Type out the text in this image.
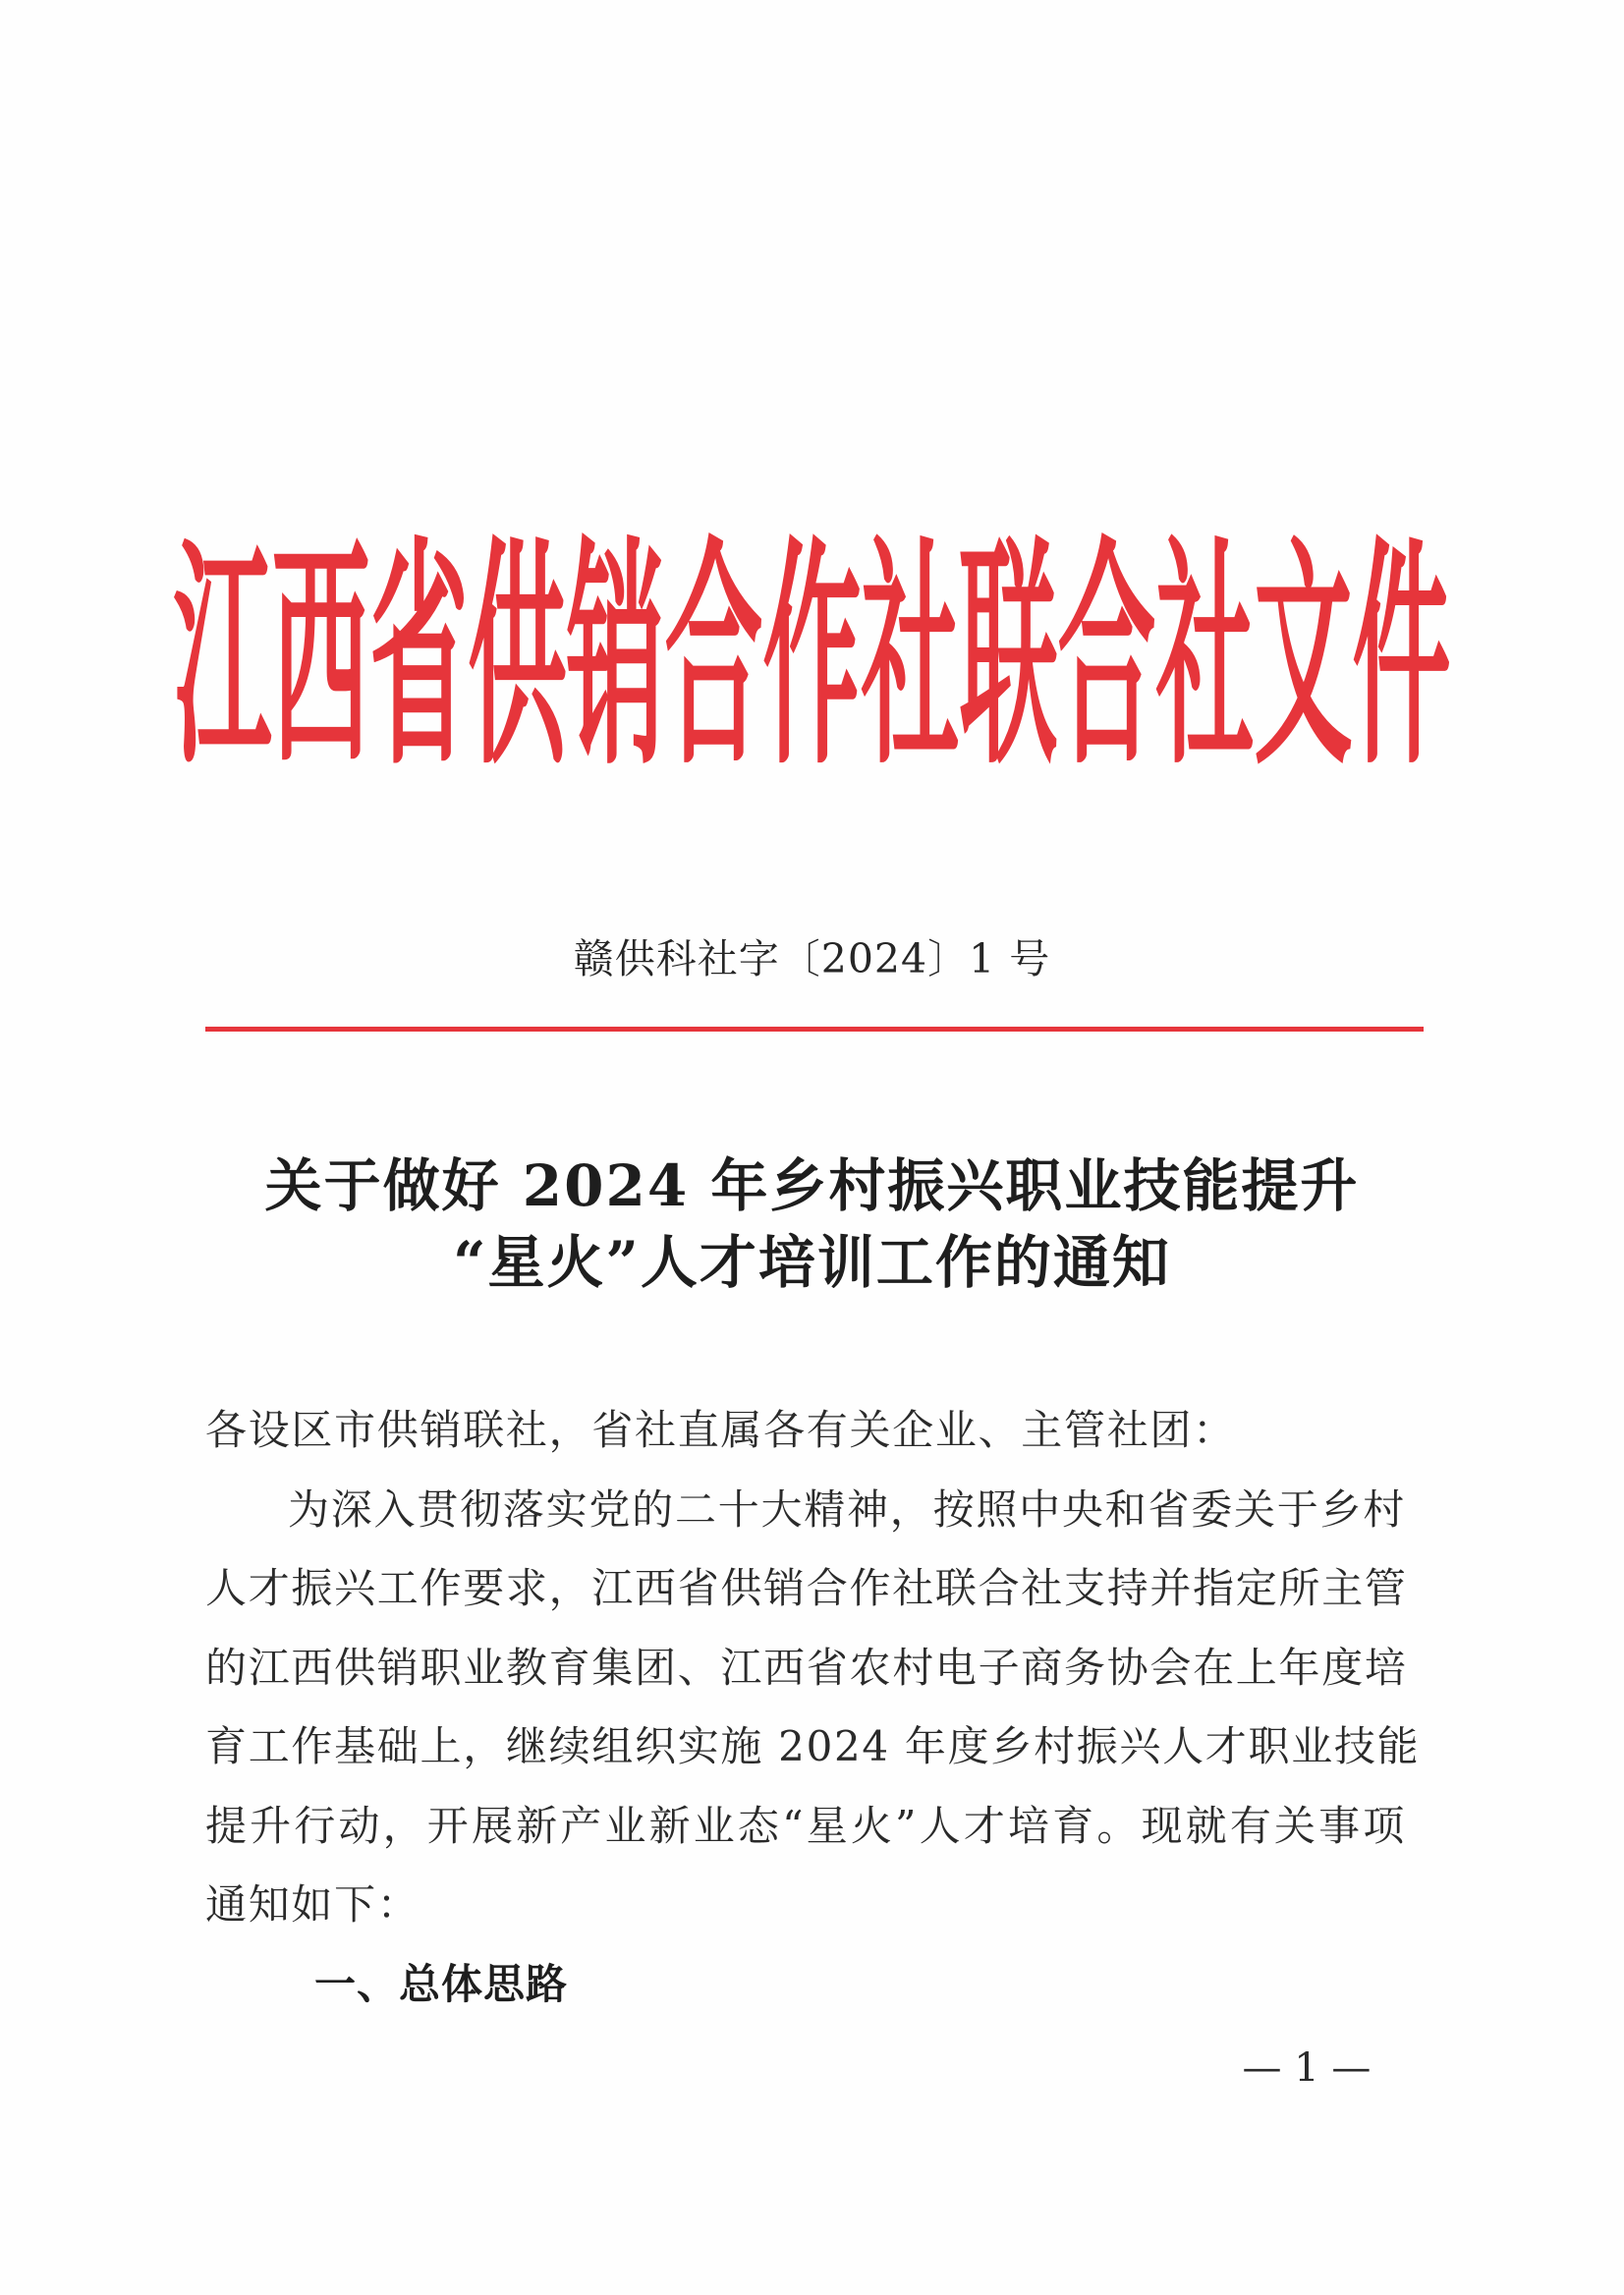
江西省供销合作社联合社文件
赣供科社字〔2024〕1 号
关于做好 2024 年乡村振兴职业技能提升
“星火”人才培训工作的通知
各设区市供销联社，省社直属各有关企业、主管社团：
为深入贯彻落实党的二十大精神，按照中央和省委关于乡村
人才振兴工作要求，江西省供销合作社联合社支持并指定所主管
的江西供销职业教育集团、江西省农村电子商务协会在上年度培
育工作基础上，继续组织实施 2024 年度乡村振兴人才职业技能
提升行动，开展新产业新业态“星火”人才培育。现就有关事项
通知如下：
一、总体思路
— 1 —
